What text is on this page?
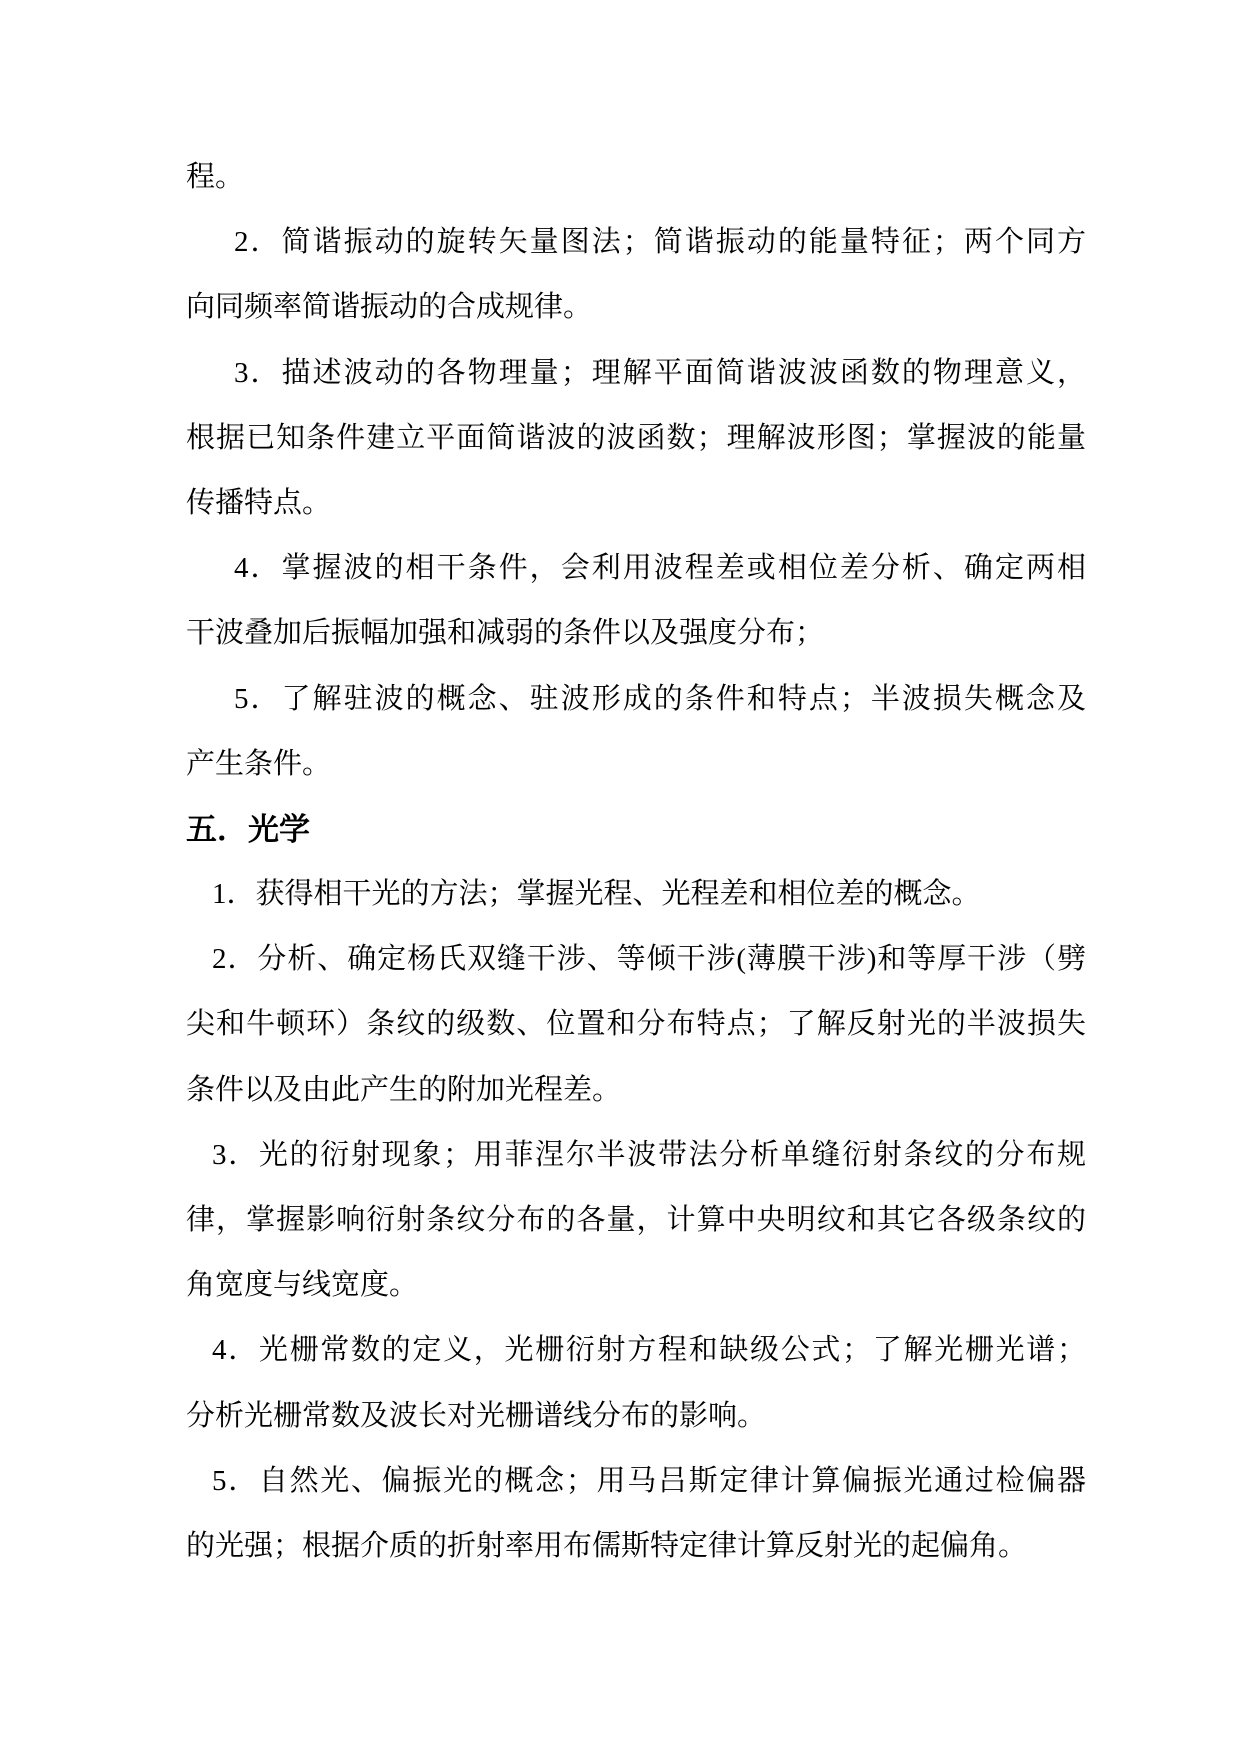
程。
2．简谐振动的旋转矢量图法；简谐振动的能量特征；两个同方
向同频率简谐振动的合成规律。
3．描述波动的各物理量；理解平面简谐波波函数的物理意义，
根据已知条件建立平面简谐波的波函数；理解波形图；掌握波的能量
传播特点。
4．掌握波的相干条件，会利用波程差或相位差分析、确定两相
干波叠加后振幅加强和减弱的条件以及强度分布；
5．了解驻波的概念、驻波形成的条件和特点；半波损失概念及
产生条件。
五．光学
1．获得相干光的方法；掌握光程、光程差和相位差的概念。
2．分析、确定杨氏双缝干涉、等倾干涉(薄膜干涉)和等厚干涉（劈
尖和牛顿环）条纹的级数、位置和分布特点；了解反射光的半波损失
条件以及由此产生的附加光程差。
3．光的衍射现象；用菲涅尔半波带法分析单缝衍射条纹的分布规
律，掌握影响衍射条纹分布的各量，计算中央明纹和其它各级条纹的
角宽度与线宽度。
4．光栅常数的定义，光栅衍射方程和缺级公式；了解光栅光谱；
分析光栅常数及波长对光栅谱线分布的影响。
5．自然光、偏振光的概念；用马吕斯定律计算偏振光通过检偏器
的光强；根据介质的折射率用布儒斯特定律计算反射光的起偏角。
